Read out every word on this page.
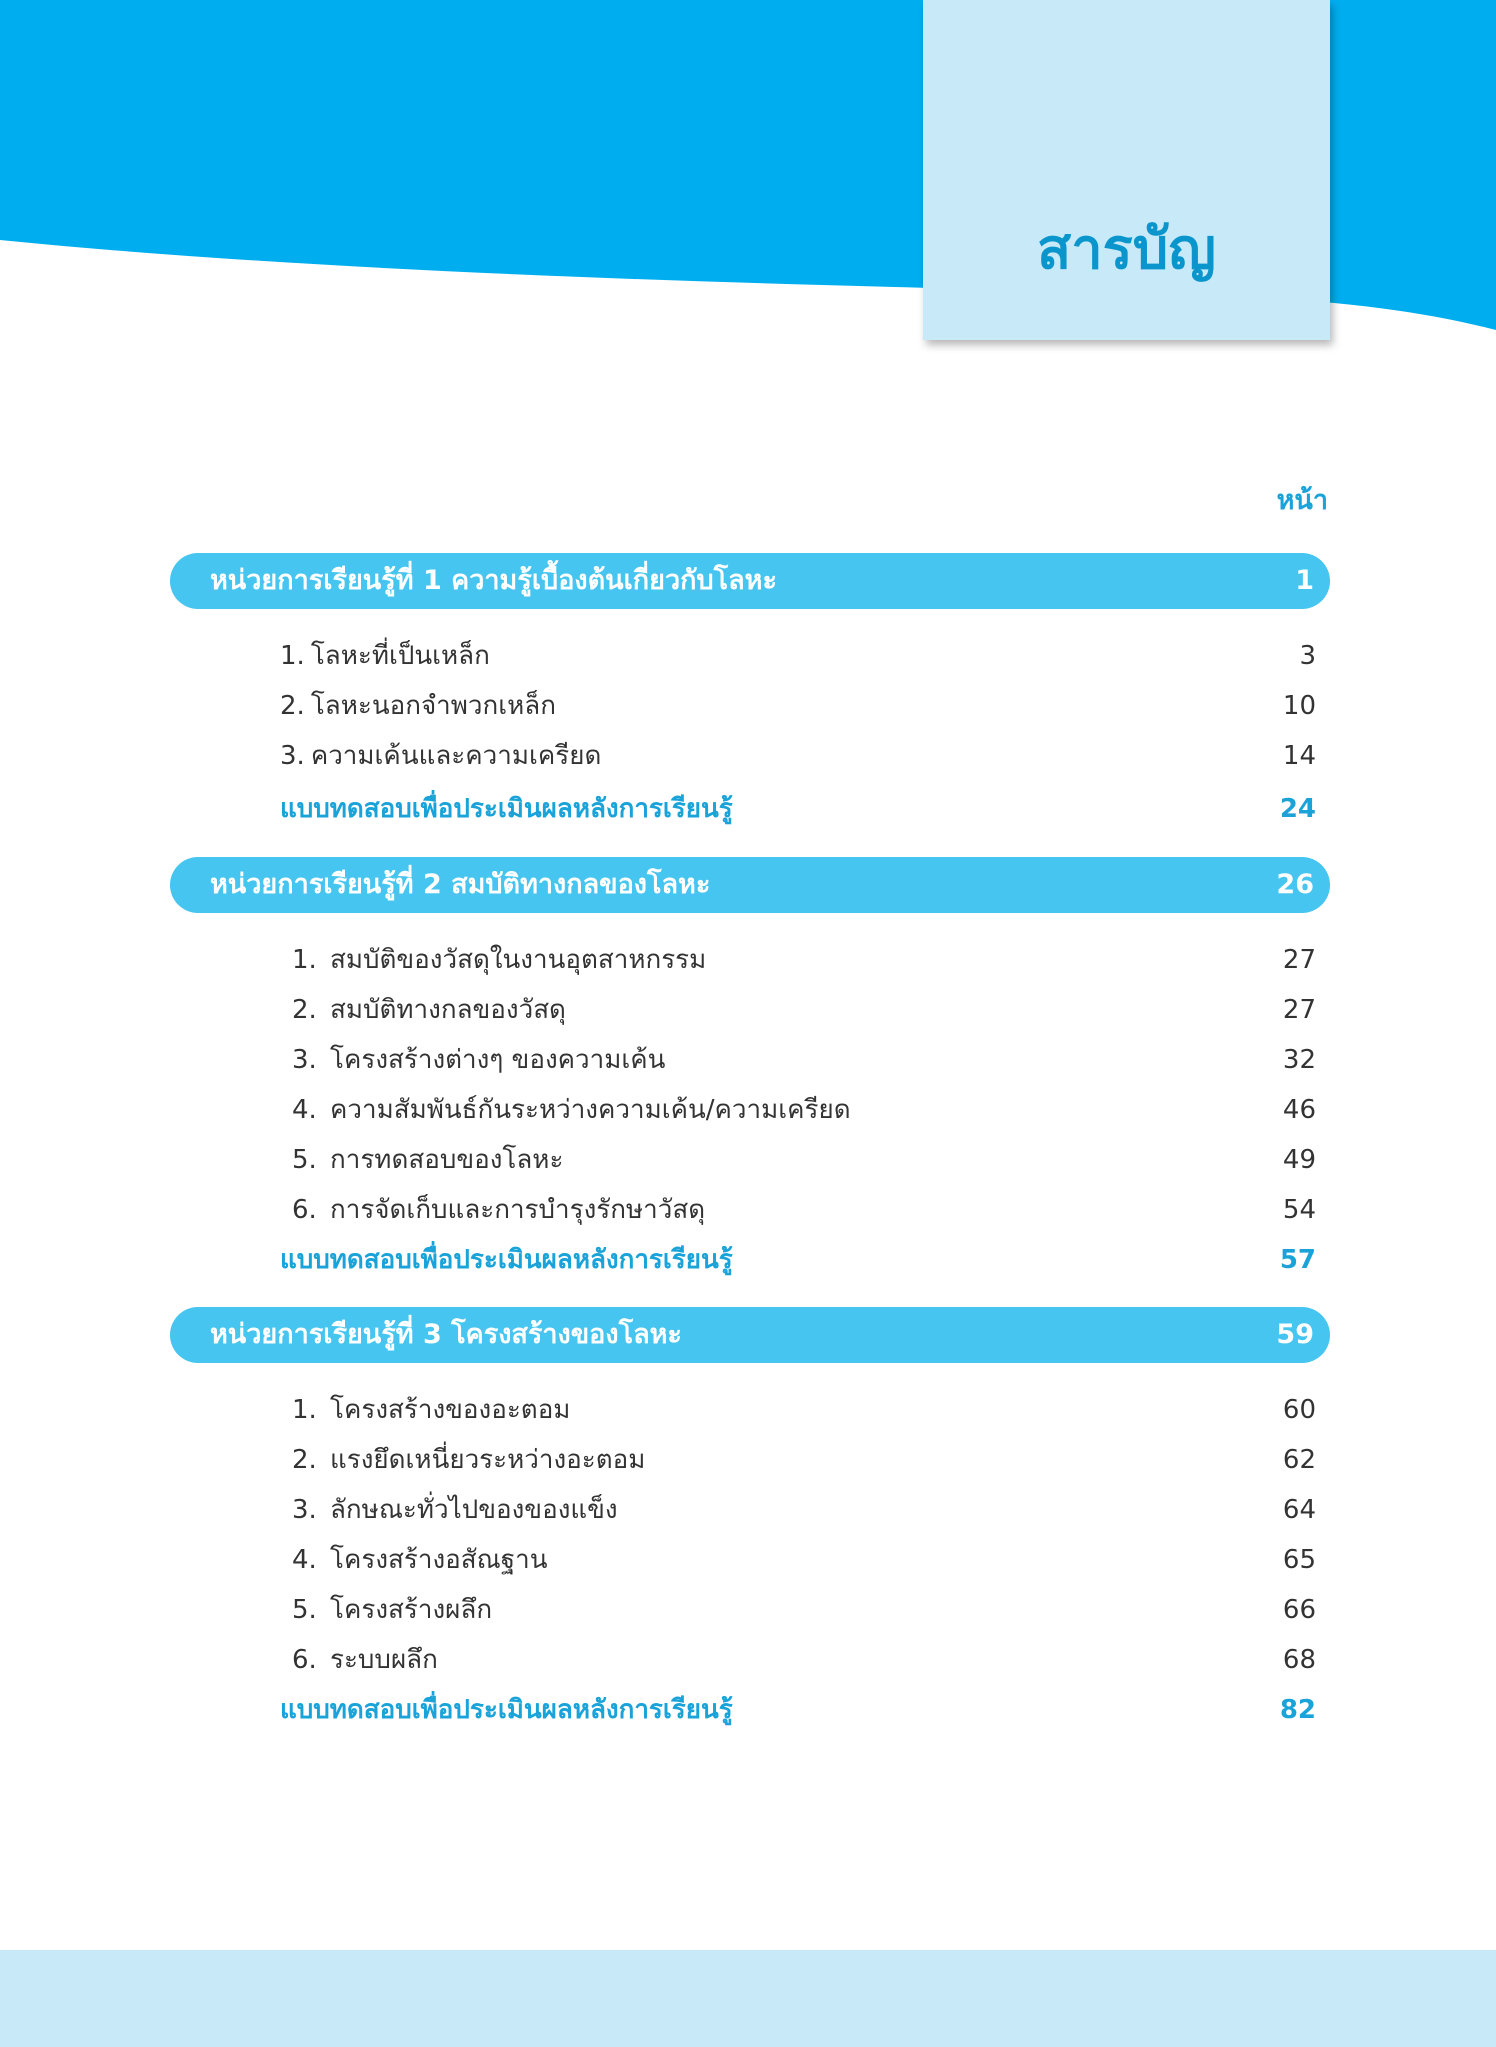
สารบัญ
หน้า
หน่วยการเรียนรู้ที่ 1 ความรู้เบื้องต้นเกี่ยวกับโลหะ	1
1. โลหะที่เป็นเหล็ก	3
2. โลหะนอกจำพวกเหล็ก	10
3. ความเค้นและความเครียด	14
แบบทดสอบเพื่อประเมินผลหลังการเรียนรู้	24
หน่วยการเรียนรู้ที่ 2 สมบัติทางกลของโลหะ	26
1. สมบัติของวัสดุในงานอุตสาหกรรม	27
2. สมบัติทางกลของวัสดุ	27
3. โครงสร้างต่างๆ ของความเค้น	32
4. ความสัมพันธ์กันระหว่างความเค้น/ความเครียด	46
5. การทดสอบของโลหะ	49
6. การจัดเก็บและการบำรุงรักษาวัสดุ	54
แบบทดสอบเพื่อประเมินผลหลังการเรียนรู้	57
หน่วยการเรียนรู้ที่ 3 โครงสร้างของโลหะ	59
1. โครงสร้างของอะตอม	60
2. แรงยึดเหนี่ยวระหว่างอะตอม	62
3. ลักษณะทั่วไปของของแข็ง	64
4. โครงสร้างอสัณฐาน	65
5. โครงสร้างผลึก	66
6. ระบบผลึก	68
แบบทดสอบเพื่อประเมินผลหลังการเรียนรู้	82
